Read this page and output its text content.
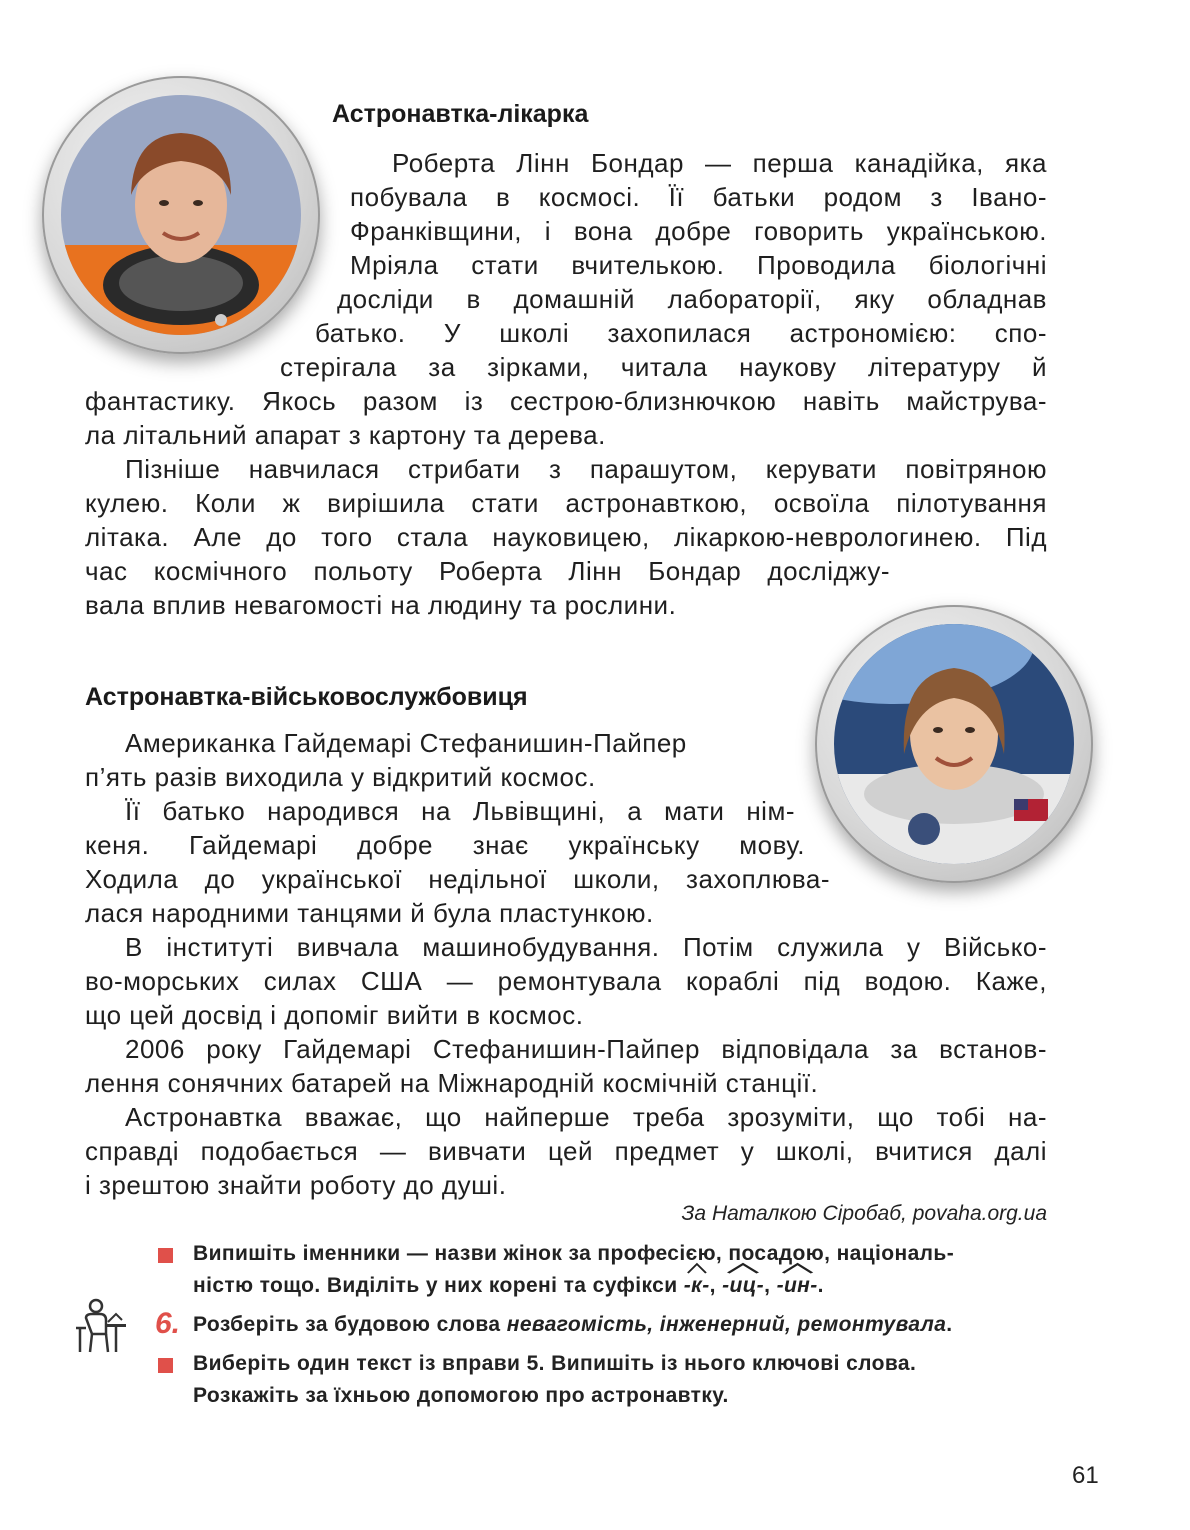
Астронавтка-лікарка
Роберта Лінн Бондар — перша канадійка, яка
побувала в космосі. Її батьки родом з Івано-
Франківщини, і вона добре говорить українською.
Мріяла стати вчителькою. Проводила біологічні
досліди в домашній лабораторії, яку обладнав
батько. У школі захопилася астрономією: спо-
стерігала за зірками, читала наукову літературу й
фантастику. Якось разом із сестрою-близнючкою навіть майструва-
ла літальний апарат з картону та дерева.
Пізніше навчилася стрибати з парашутом, керувати повітряною
кулею. Коли ж вирішила стати астронавткою, освоїла пілотування
літака. Але до того стала науковицею, лікаркою-неврологинею. Під
час космічного польоту Роберта Лінн Бондар досліджу-
вала вплив невагомості на людину та рослини.
Астронавтка-військовослужбовиця
Американка Гайдемарі Стефанишин-Пайпер
п’ять разів виходила у відкритий космос.
Її батько народився на Львівщині, а мати нім-
кеня. Гайдемарі добре знає українську мову.
Ходила до української недільної школи, захоплюва-
лася народними танцями й була пластункою.
В інституті вивчала машинобудування. Потім служила у Військо-
во-морських силах США — ремонтувала кораблі під водою. Каже,
що цей досвід і допоміг вийти в космос.
2006 року Гайдемарі Стефанишин-Пайпер відповідала за встанов-
лення сонячних батарей на Міжнародній космічній станції.
Астронавтка вважає, що найперше треба зрозуміти, що тобі на-
справді подобається — вивчати цей предмет у школі, вчитися далі
і зрештою знайти роботу до душі.
За Наталкою Сіробаб, povaha.org.ua
Випишіть іменники — назви жінок за професією, посадою, національ-
ністю тощо. Виділіть у них корені та суфікси
-к-,
-иц-,
-ин-.
6. Розберіть за будовою слова невагомість, інженерний, ремонтувала.
Виберіть один текст із вправи 5. Випишіть із нього ключові слова.
Розкажіть за їхньою допомогою про астронавтку.
61
